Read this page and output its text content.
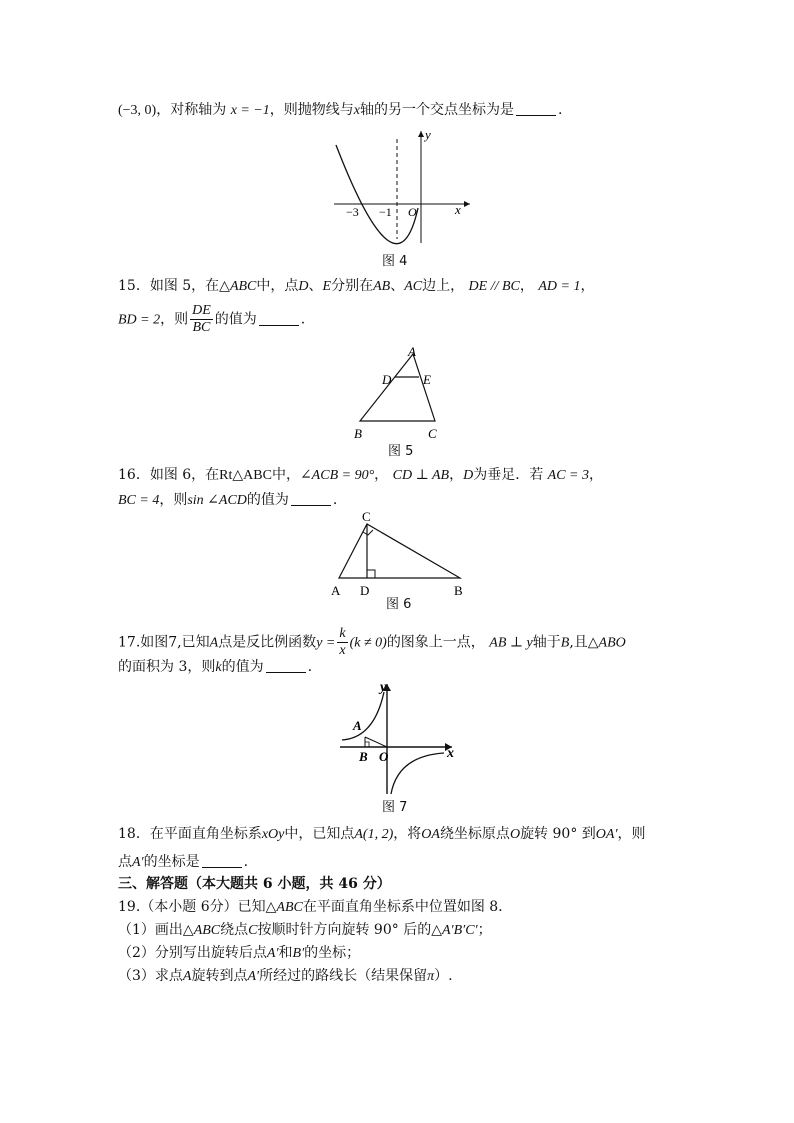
(−3, 0)，对称轴为 x = −1，则抛物线与x轴的另一个交点坐标为是	.
x
y
−3 −1 O
图 4
15．如图 5，在△ABC中，点D、E分别在AB、AC边上， DE // BC， AD = 1，
BD = 2，则 $\frac{DE}{BC}$ 的值为	.
A
D E
B	C
图 5
16．如图 6，在Rt△ABC中，∠ACB = 90°， CD ⊥ AB，D为垂足．若 AC = 3，
BC = 4，则sin ∠ACD的值为	.
C
A D	B
图 6
17.如图7,已知A点是反比例函数$y = \frac{k}{x} (k \ne 0)$的图象上一点， AB ⊥ y轴于B,且△ABO
的面积为 3，则k的值为	.
x
y
A
B O
图 7
18．在平面直角坐标系xOy中，已知点A(1, 2)，将OA绕坐标原点O旋转 90° 到OA′，则
点A′的坐标是	.
三、解答题（本大题共 6 小题，共 46 分）
19.（本小题 6分）已知△ABC在平面直角坐标系中位置如图 8．
（1）画出△ABC绕点C按顺时针方向旋转 90° 后的△A′B′C′；
（2）分别写出旋转后点A′和B′的坐标；
（3）求点A旋转到点A′所经过的路线长（结果保留π）.
